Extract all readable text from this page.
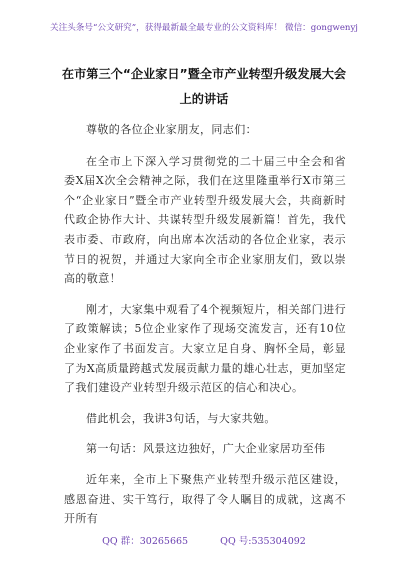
关注头条号“公文研究”，获得最新最全最专业的公文资料库！ 微信：gongwenyj
在市第三个“企业家日”暨全市产业转型升级发展大会上的讲话

尊敬的各位企业家朋友，同志们：

在全市上下深入学习贯彻党的二十届三中全会和省委X届X次全会精神之际，我们在这里隆重举行X市第三个“企业家日”暨全市产业转型升级发展大会，共商新时代政企协作大计、共谋转型升级发展新篇！首先，我代表市委、市政府，向出席本次活动的各位企业家，表示节日的祝贺，并通过大家向全市企业家朋友们，致以崇高的敬意！

刚才，大家集中观看了4个视频短片，相关部门进行了政策解读；5位企业家作了现场交流发言，还有10位企业家作了书面发言。大家立足自身、胸怀全局，彰显了为X高质量跨越式发展贡献力量的雄心壮志，更加坚定了我们建设产业转型升级示范区的信心和决心。

借此机会，我讲3句话，与大家共勉。

第一句话：风景这边独好，广大企业家居功至伟

近年来，全市上下聚焦产业转型升级示范区建设，感恩奋进、实干笃行，取得了令人瞩目的成就，这离不开所有

QQ 群：30265665	QQ 号:535304092
